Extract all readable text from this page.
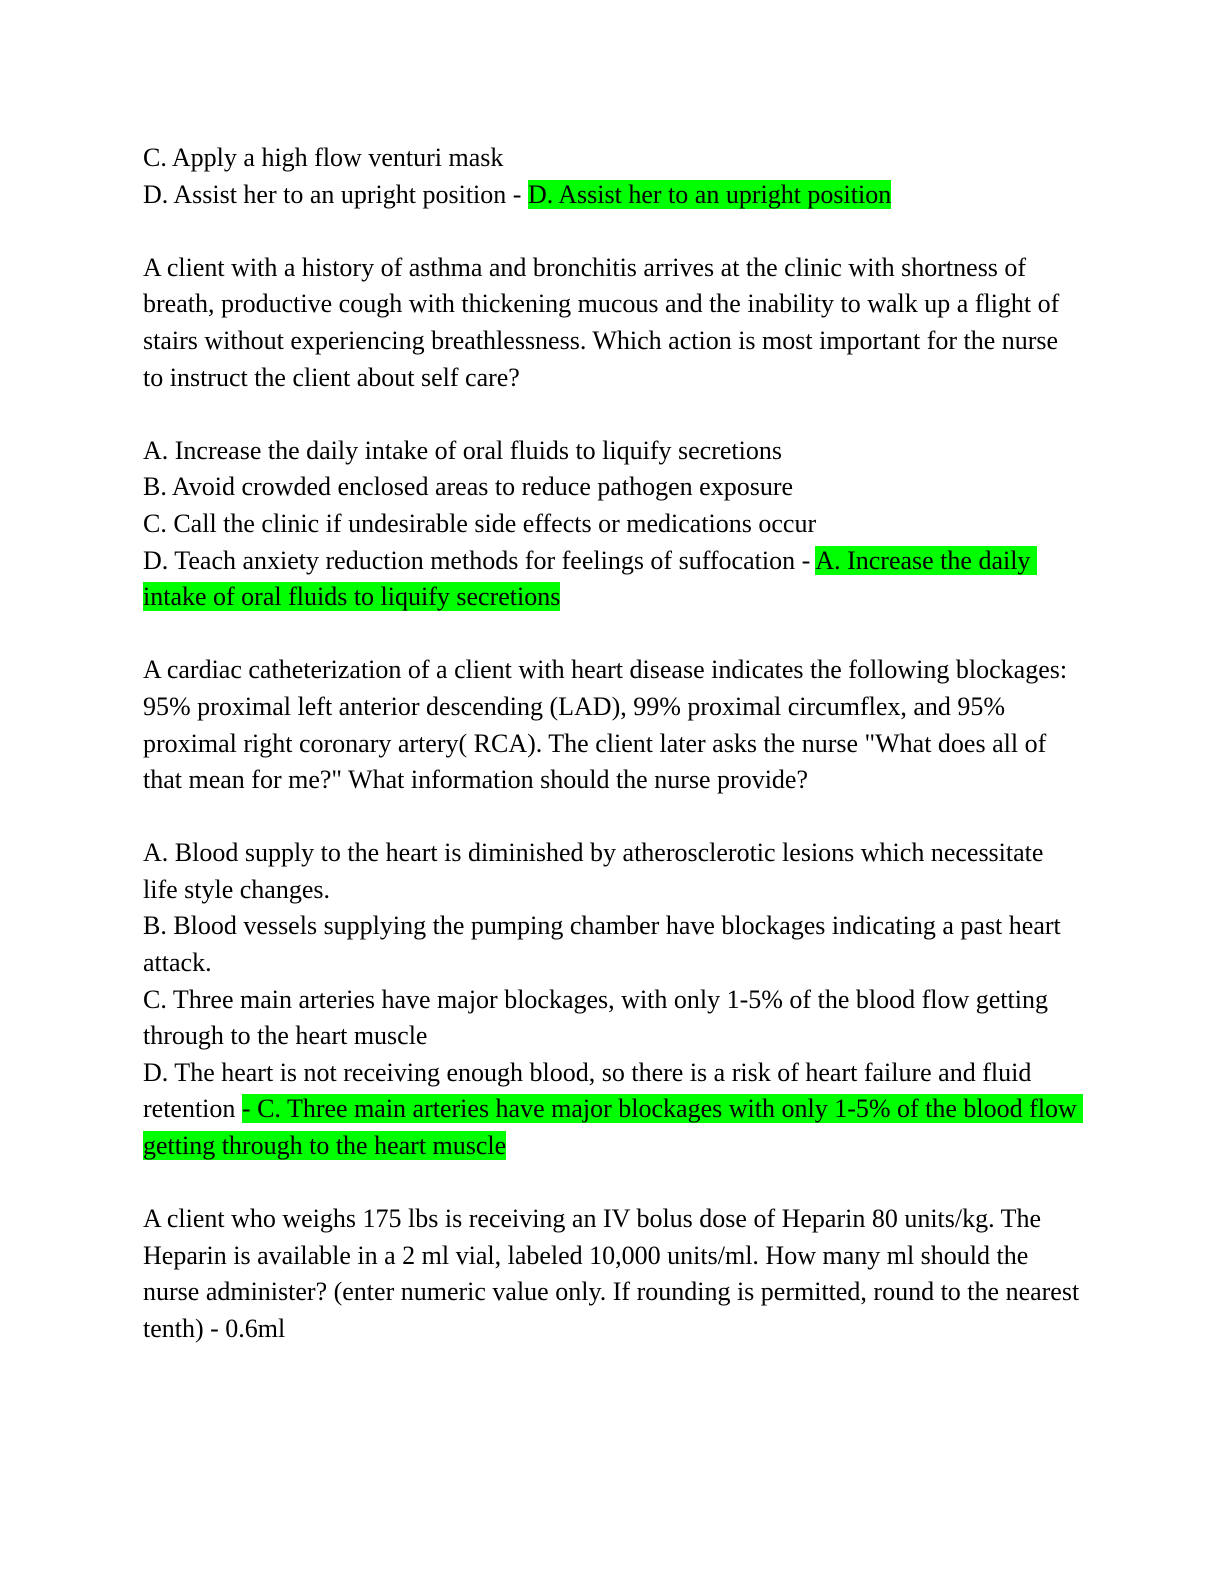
C. Apply a high flow venturi mask
D. Assist her to an upright position - D. Assist her to an upright position
A client with a history of asthma and bronchitis arrives at the clinic with shortness of breath, productive cough with thickening mucous and the inability to walk up a flight of stairs without experiencing breathlessness. Which action is most important for the nurse to instruct the client about self care?
A. Increase the daily intake of oral fluids to liquify secretions
B. Avoid crowded enclosed areas to reduce pathogen exposure
C. Call the clinic if undesirable side effects or medications occur
D. Teach anxiety reduction methods for feelings of suffocation - A. Increase the daily intake of oral fluids to liquify secretions
A cardiac catheterization of a client with heart disease indicates the following blockages: 95% proximal left anterior descending (LAD), 99% proximal circumflex, and 95% proximal right coronary artery( RCA). The client later asks the nurse "What does all of that mean for me?" What information should the nurse provide?
A. Blood supply to the heart is diminished by atherosclerotic lesions which necessitate life style changes.
B. Blood vessels supplying the pumping chamber have blockages indicating a past heart attack.
C. Three main arteries have major blockages, with only 1-5% of the blood flow getting through to the heart muscle
D. The heart is not receiving enough blood, so there is a risk of heart failure and fluid retention - C. Three main arteries have major blockages with only 1-5% of the blood flow getting through to the heart muscle
A client who weighs 175 lbs is receiving an IV bolus dose of Heparin 80 units/kg. The Heparin is available in a 2 ml vial, labeled 10,000 units/ml. How many ml should the nurse administer? (enter numeric value only. If rounding is permitted, round to the nearest tenth) - 0.6ml
